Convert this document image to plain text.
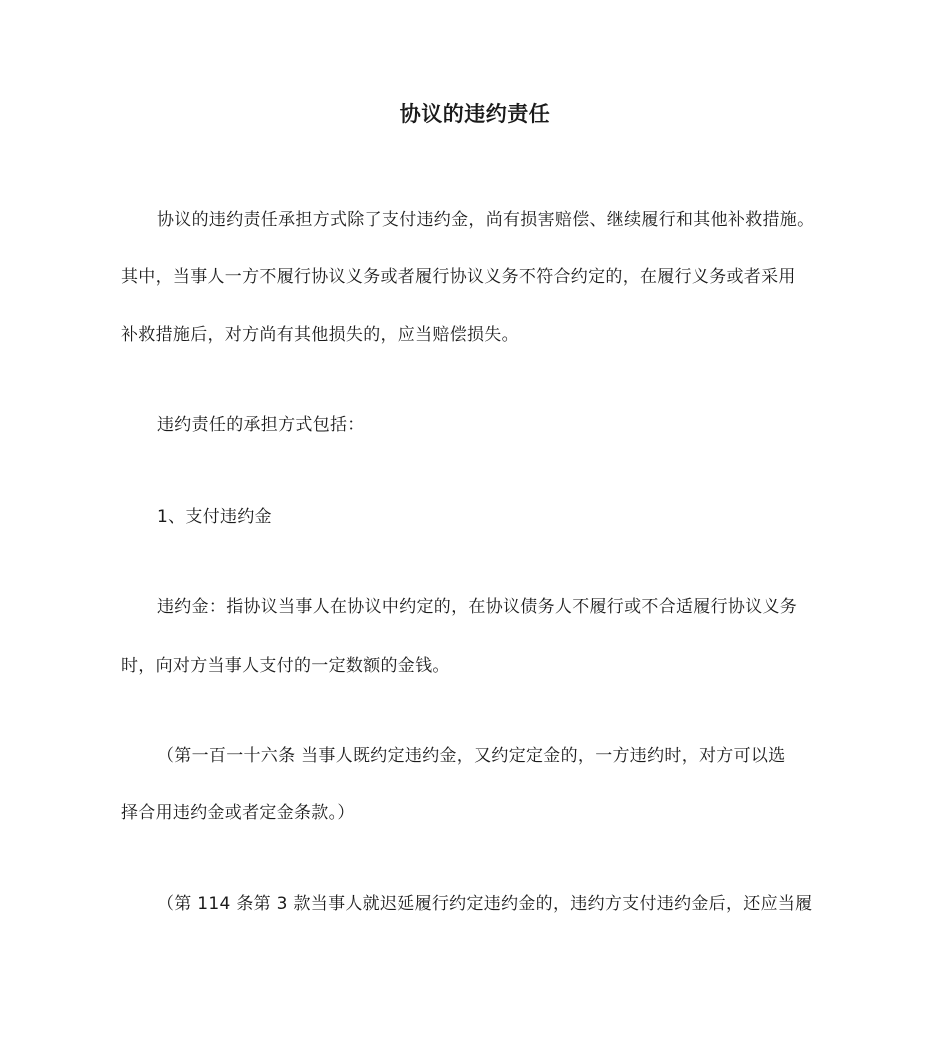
协议的违约责任
协议的违约责任承担方式除了支付违约金，尚有损害赔偿、继续履行和其他补救措施。
其中，当事人一方不履行协议义务或者履行协议义务不符合约定的，在履行义务或者采用
补救措施后，对方尚有其他损失的，应当赔偿损失。
违约责任的承担方式包括：
1、支付违约金
违约金：指协议当事人在协议中约定的，在协议债务人不履行或不合适履行协议义务
时，向对方当事人支付的一定数额的金钱。
（第一百一十六条 当事人既约定违约金，又约定定金的，一方违约时，对方可以选
择合用违约金或者定金条款。）
（第 114 条第 3 款当事人就迟延履行约定违约金的，违约方支付违约金后，还应当履
